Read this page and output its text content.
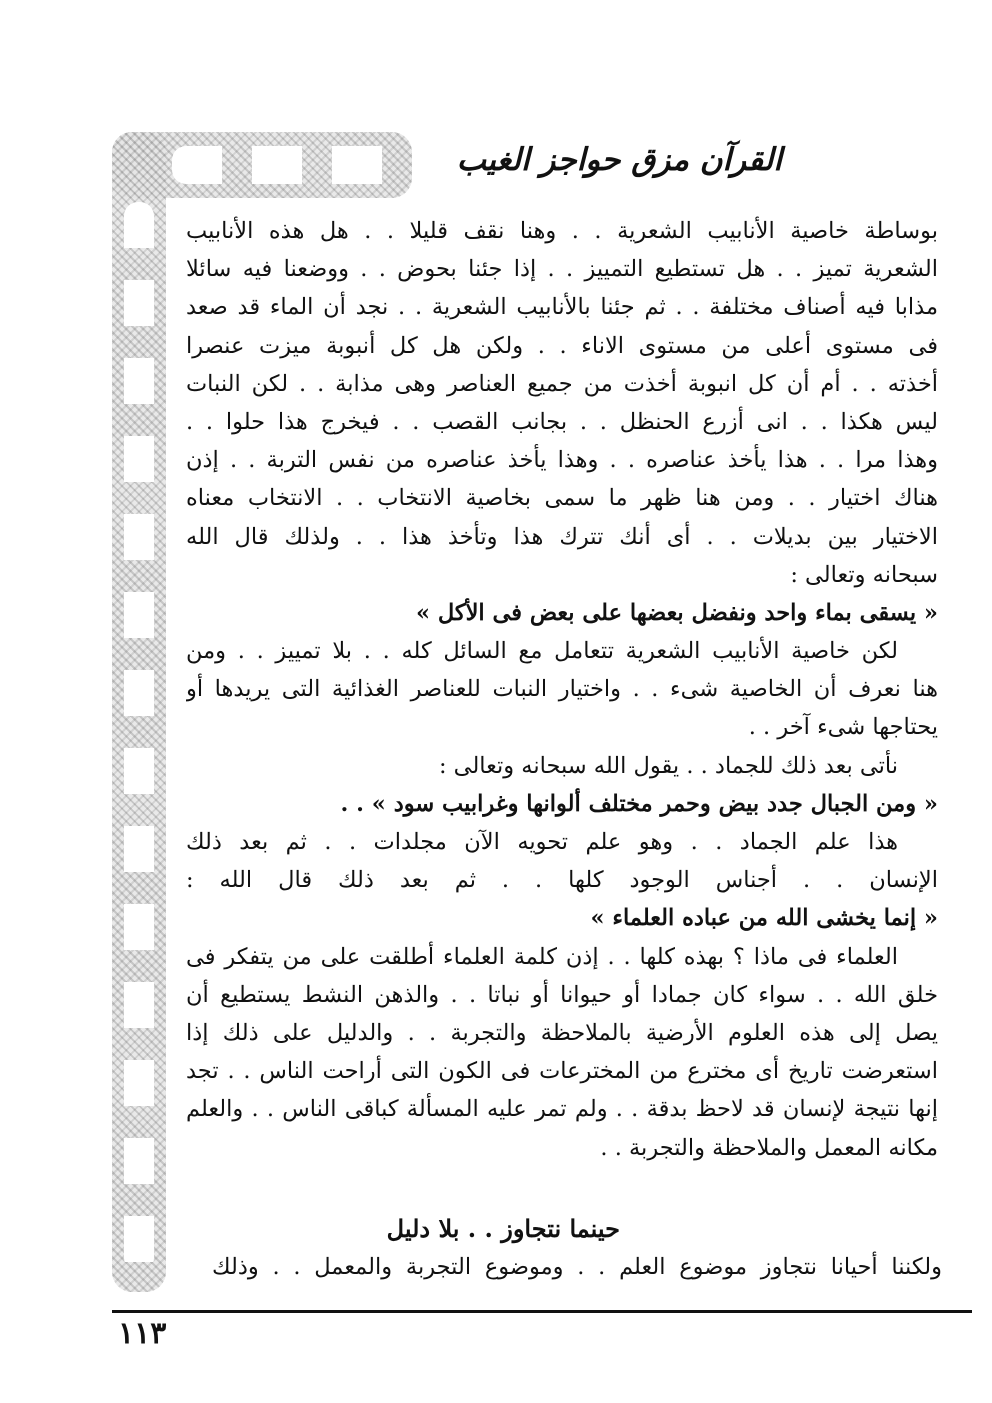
القرآن مزق حواجز الغيب
بوساطة خاصية الأنابيب الشعرية . . وهنا نقف قليلا . . هل هذه الأنابيب
الشعرية تميز . . هل تستطيع التمييز . . إذا جئنا بحوض . . ووضعنا فيه سائلا
مذابا فيه أصناف مختلفة . . ثم جئنا بالأنابيب الشعرية . . نجد أن الماء قد صعد
فى مستوى أعلى من مستوى الاناء . . ولكن هل كل أنبوبة ميزت عنصرا
أخذته . . أم أن كل انبوبة أخذت من جميع العناصر وهى مذابة . . لكن النبات
ليس هكذا . . انى أزرع الحنظل . . بجانب القصب . . فيخرج هذا حلوا . .
وهذا مرا . . هذا يأخذ عناصره . . وهذا يأخذ عناصره من نفس التربة . . إذن
هناك اختيار . . ومن هنا ظهر ما سمى بخاصية الانتخاب . . الانتخاب معناه
الاختيار بين بديلات . . أى أنك تترك هذا وتأخذ هذا . . ولذلك قال الله
سبحانه وتعالى :
« يسقى بماء واحد ونفضل بعضها على بعض فى الأكل »
لكن خاصية الأنابيب الشعرية تتعامل مع السائل كله . . بلا تمييز . . ومن
هنا نعرف أن الخاصية شىء . . واختيار النبات للعناصر الغذائية التى يريدها أو
يحتاجها شىء آخر . .
نأتى بعد ذلك للجماد . . يقول الله سبحانه وتعالى :
« ومن الجبال جدد بيض وحمر مختلف ألوانها وغرابيب سود » . .
هذا علم الجماد . . وهو علم تحويه الآن مجلدات . . ثم بعد ذلك
الإنسان . . أجناس الوجود كلها . . ثم بعد ذلك قال الله :
« إنما يخشى الله من عباده العلماء »
العلماء فى ماذا ؟ بهذه كلها . . إذن كلمة العلماء أطلقت على من يتفكر فى
خلق الله . . سواء كان جمادا أو حيوانا أو نباتا . . والذهن النشط يستطيع أن
يصل إلى هذه العلوم الأرضية بالملاحظة والتجربة . . والدليل على ذلك إذا
استعرضت تاريخ أى مخترع من المخترعات فى الكون التى أراحت الناس . . تجد
إنها نتيجة لإنسان قد لاحظ بدقة . . ولم تمر عليه المسألة كباقى الناس . . والعلم
مكانه المعمل والملاحظة والتجربة . .
حينما نتجاوز . . بلا دليل
ولكننا أحيانا نتجاوز موضوع العلم . . وموضوع التجربة والمعمل . . وذلك
١١٣
